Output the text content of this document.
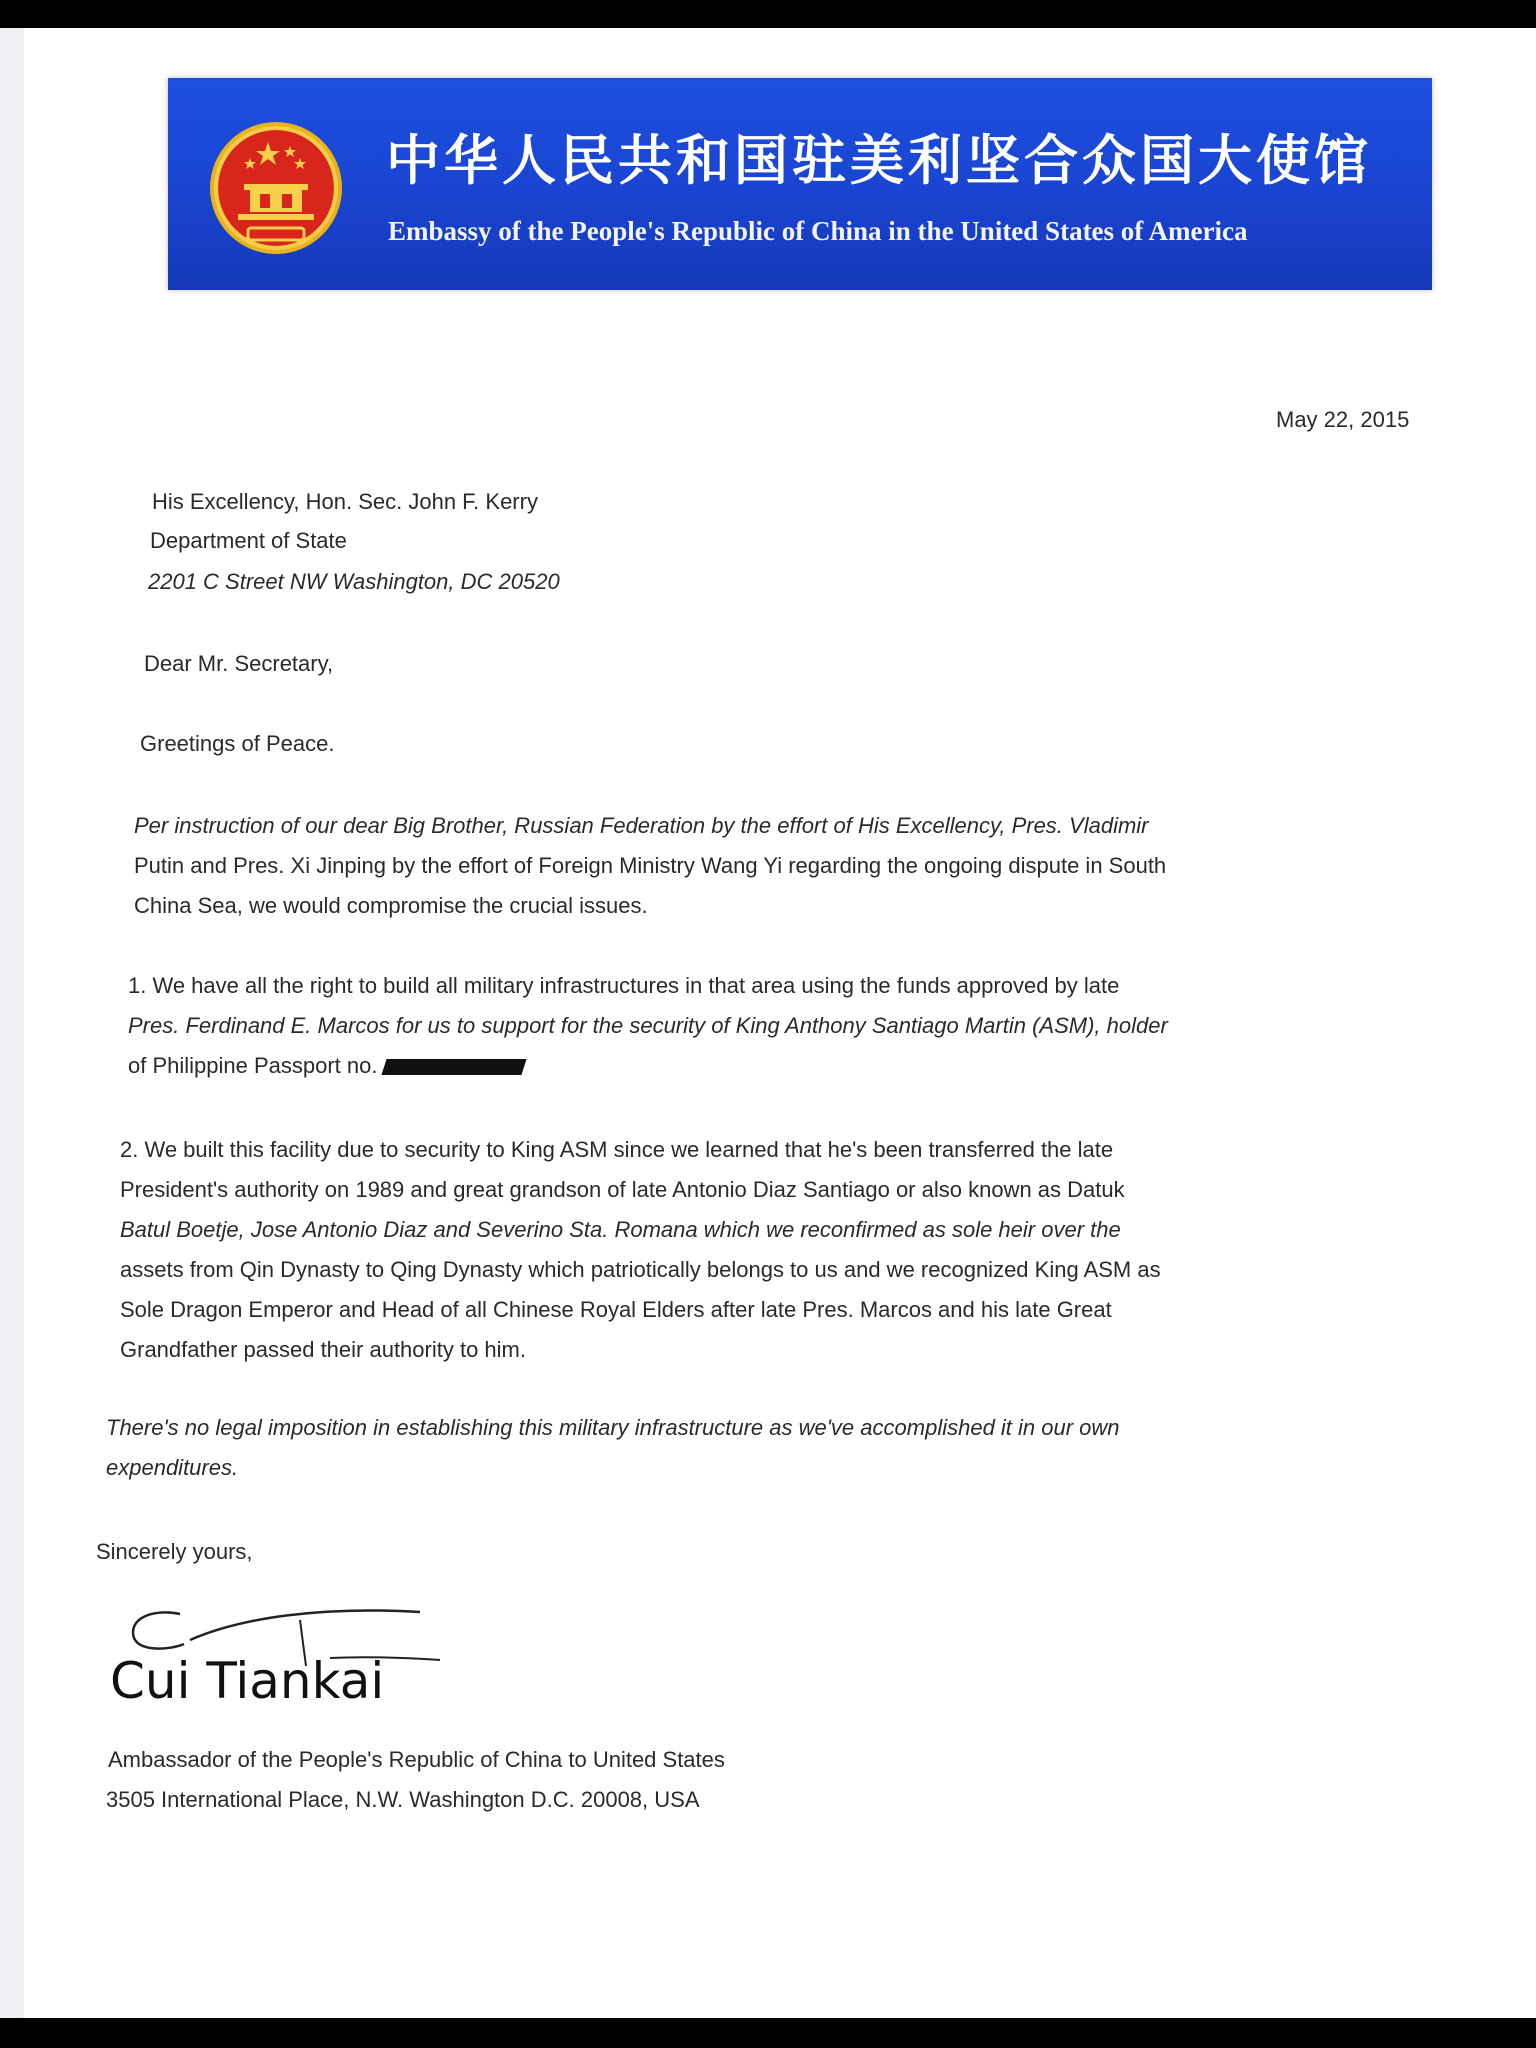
中华人民共和国驻美利坚合众国大使馆
Embassy of the People's Republic of China in the United States of America
May 22, 2015
His Excellency, Hon. Sec. John F. Kerry
Department of State
2201 C Street NW Washington, DC 20520
Dear Mr. Secretary,
Greetings of Peace.
Per instruction of our dear Big Brother, Russian Federation by the effort of His Excellency, Pres. Vladimir
Putin and Pres. Xi Jinping by the effort of Foreign Ministry Wang Yi regarding the ongoing dispute in South
China Sea, we would compromise the crucial issues.
1. We have all the right to build all military infrastructures in that area using the funds approved by late
Pres. Ferdinand E. Marcos for us to support for the security of King Anthony Santiago Martin (ASM), holder
of Philippine Passport no.
2. We built this facility due to security to King ASM since we learned that he's been transferred the late
President's authority on 1989 and great grandson of late Antonio Diaz Santiago or also known as Datuk
Batul Boetje, Jose Antonio Diaz and Severino Sta. Romana which we reconfirmed as sole heir over the
assets from Qin Dynasty to Qing Dynasty which patriotically belongs to us and we recognized King ASM as
Sole Dragon Emperor and Head of all Chinese Royal Elders after late Pres. Marcos and his late Great
Grandfather passed their authority to him.
There's no legal imposition in establishing this military infrastructure as we've accomplished it in our own
expenditures.
Sincerely yours,
Cui Tiankai
Ambassador of the People's Republic of China to United States
3505 International Place, N.W. Washington D.C. 20008, USA
